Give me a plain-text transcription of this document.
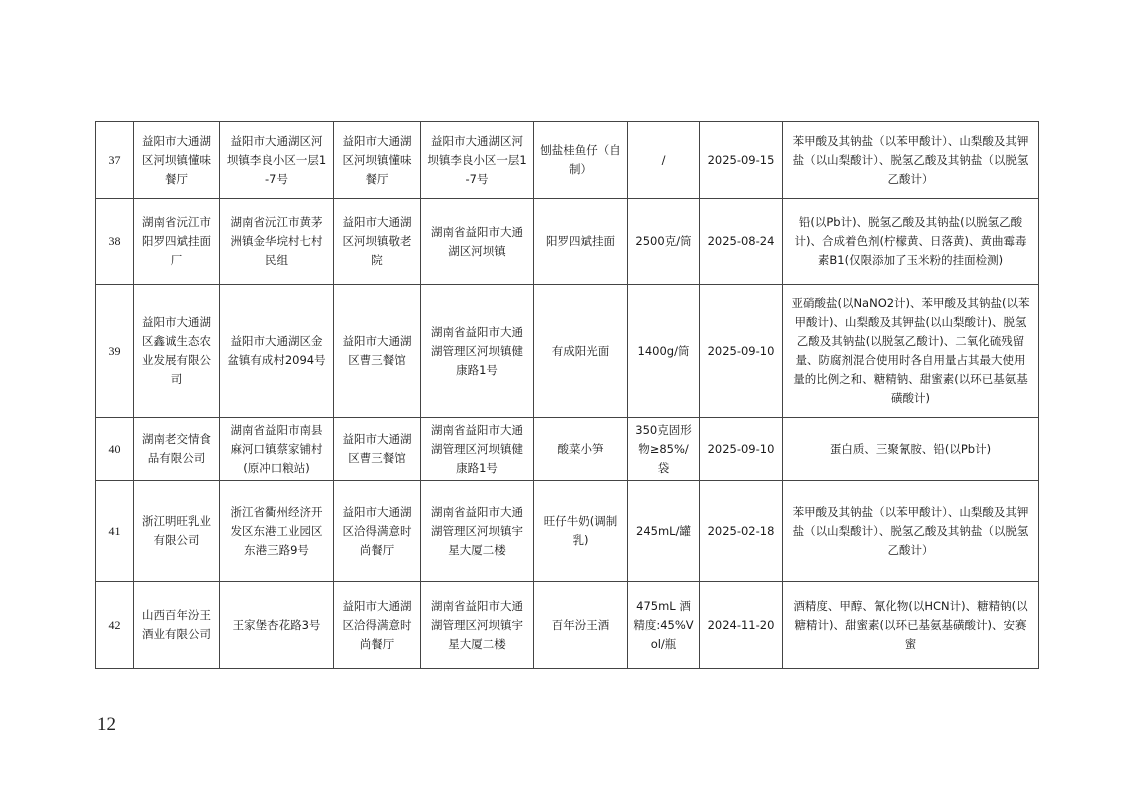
37	益阳市大通湖区河坝镇懂味餐厅	益阳市大通湖区河坝镇李良小区一层1-7号	益阳市大通湖区河坝镇懂味餐厅	益阳市大通湖区河坝镇李良小区一层1-7号	刨盐桂鱼仔（自制）	/	2025-09-15	苯甲酸及其钠盐（以苯甲酸计）、山梨酸及其钾盐（以山梨酸计）、脱氢乙酸及其钠盐（以脱氢乙酸计）
38	湖南省沅江市阳罗四斌挂面厂	湖南省沅江市黄茅洲镇金华垸村七村民组	益阳市大通湖区河坝镇敬老院	湖南省益阳市大通湖区河坝镇	阳罗四斌挂面	2500克/筒	2025-08-24	铅(以Pb计)、脱氢乙酸及其钠盐(以脱氢乙酸计)、合成着色剂(柠檬黄、日落黄)、黄曲霉毒素B1(仅限添加了玉米粉的挂面检测)
39	益阳市大通湖区鑫诚生态农业发展有限公司	益阳市大通湖区金盆镇有成村2094号	益阳市大通湖区曹三餐馆	湖南省益阳市大通湖管理区河坝镇健康路1号	有成阳光面	1400g/筒	2025-09-10	亚硝酸盐(以NaNO2计)、苯甲酸及其钠盐(以苯甲酸计)、山梨酸及其钾盐(以山梨酸计)、脱氢乙酸及其钠盐(以脱氢乙酸计)、二氧化硫残留量、防腐剂混合使用时各自用量占其最大使用量的比例之和、糖精钠、甜蜜素(以环已基氨基磺酸计)
40	湖南老交情食品有限公司	湖南省益阳市南县麻河口镇蔡家铺村(原冲口粮站)	益阳市大通湖区曹三餐馆	湖南省益阳市大通湖管理区河坝镇健康路1号	酸菜小笋	350克固形物≥85%/袋	2025-09-10	蛋白质、三聚氰胺、铅(以Pb计)
41	浙江明旺乳业有限公司	浙江省衢州经济开发区东港工业园区东港三路9号	益阳市大通湖区洽得满意时尚餐厅	湖南省益阳市大通湖管理区河坝镇宇星大厦二楼	旺仔牛奶(调制乳)	245mL/罐	2025-02-18	苯甲酸及其钠盐（以苯甲酸计）、山梨酸及其钾盐（以山梨酸计）、脱氢乙酸及其钠盐（以脱氢乙酸计）
42	山西百年汾王酒业有限公司	王家堡杏花路3号	益阳市大通湖区洽得满意时尚餐厅	湖南省益阳市大通湖管理区河坝镇宇星大厦二楼	百年汾王酒	475mL 酒精度:45%Vol/瓶	2024-11-20	酒精度、甲醇、氰化物(以HCN计)、糖精钠(以糖精计)、甜蜜素(以环已基氨基磺酸计)、安赛蜜
12
